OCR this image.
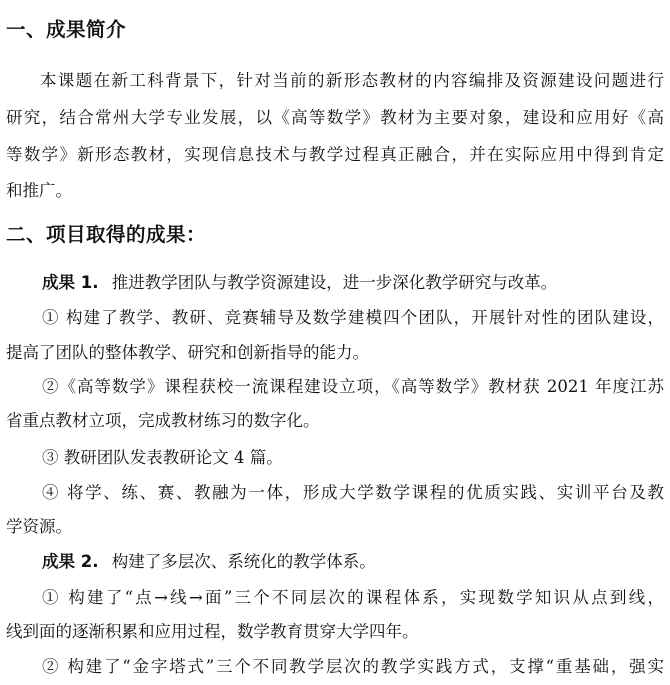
一、成果简介
本课题在新工科背景下，针对当前的新形态教材的内容编排及资源建设问题进行
研究，结合常州大学专业发展，以《高等数学》教材为主要对象，建设和应用好《高
等数学》新形态教材，实现信息技术与教学过程真正融合，并在实际应用中得到肯定
和推广。
二、项目取得的成果：
成果 1. 推进教学团队与教学资源建设，进一步深化教学研究与改革。
① 构建了教学、教研、竞赛辅导及数学建模四个团队，开展针对性的团队建设，
提高了团队的整体教学、研究和创新指导的能力。
②《高等数学》课程获校一流课程建设立项，《高等数学》教材获 2021 年度江苏
省重点教材立项，完成教材练习的数字化。
③ 教研团队发表教研论文 4 篇。
④ 将学、练、赛、教融为一体，形成大学数学课程的优质实践、实训平台及教
学资源。
成果 2. 构建了多层次、系统化的教学体系。
① 构建了“点→线→面”三个不同层次的课程体系，实现数学知识从点到线，
线到面的逐渐积累和应用过程，数学教育贯穿大学四年。
② 构建了“金字塔式”三个不同教学层次的教学实践方式，支撑“重基础，强实
